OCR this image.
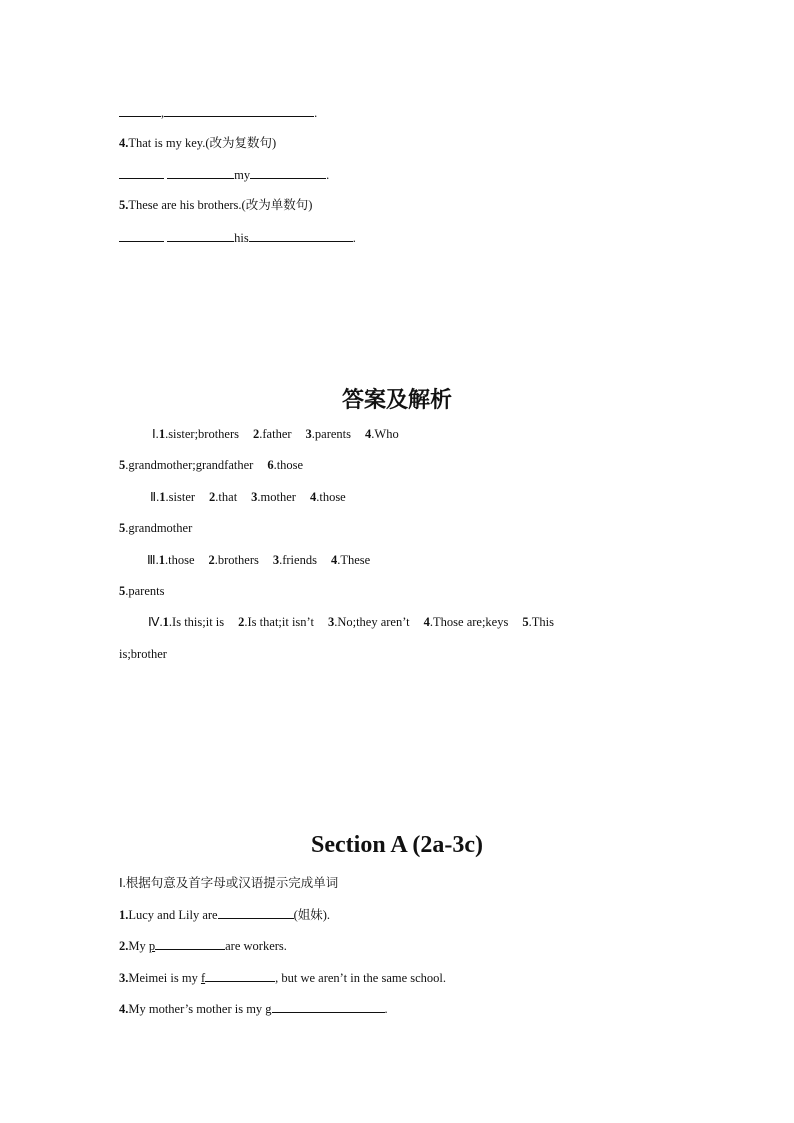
,	.
4.That is my key.(改为复数句)
my	.
5.These are his brothers.(改为单数句)
his	.
答案及解析
Ⅰ.1.sister;brothers 2.father 3.parents 4.Who
5.grandmother;grandfather 6.those
Ⅱ.1.sister 2.that 3.mother 4.those
5.grandmother
Ⅲ.1.those 2.brothers 3.friends 4.These
5.parents
Ⅳ.1.Is this;it is 2.Is that;it isn’t 3.No;they aren’t 4.Those are;keys 5.This
is;brother
Section A (2a-3c)
Ⅰ.根据句意及首字母或汉语提示完成单词
1.Lucy and Lily are	(姐妹).
2.My p	are workers.
3.Meimei is my f	, but we aren’t in the same school.
4.My mother’s mother is my g	.
